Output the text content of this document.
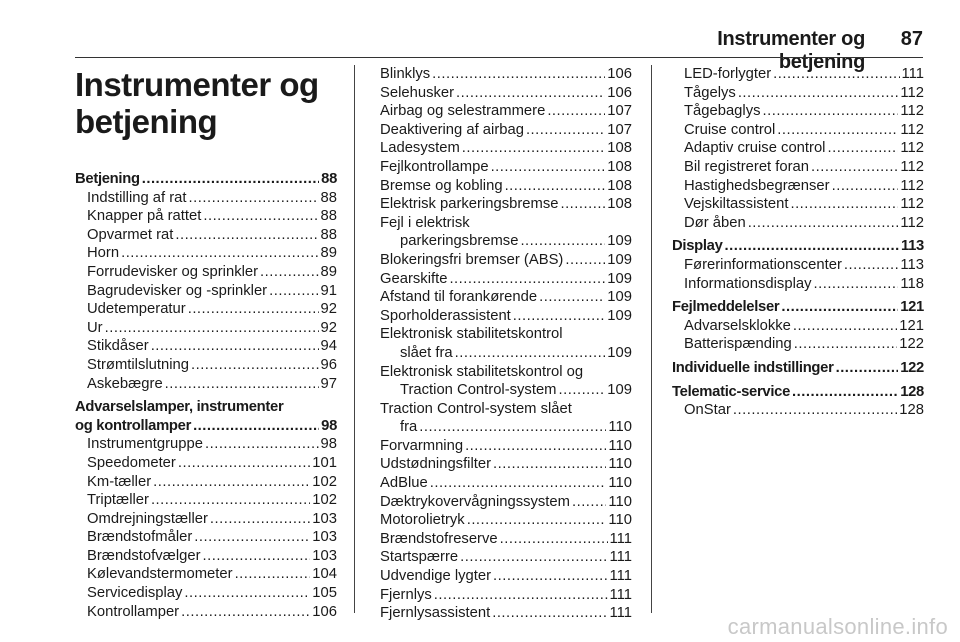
Instrumenter og betjening
87
Instrumenter og betjening
Betjening .....	88
Indstilling af rat .....	88
Knapper på rattet .....	88
Opvarmet rat .....	88
Horn .....	89
Forrudevisker og sprinkler .....	89
Bagrudevisker og -sprinkler .....	91
Udetemperatur .....	92
Ur .....	92
Stikdåser .....	94
Strømtilslutning .....	96
Askebægre .....	97
Advarselslamper, instrumenter
og kontrollamper .....	98
Instrumentgruppe .....	98
Speedometer .....	101
Km-tæller .....	102
Triptæller .....	102
Omdrejningstæller .....	103
Brændstofmåler .....	103
Brændstofvælger .....	103
Kølevandstermometer .....	104
Servicedisplay .....	105
Kontrollamper .....	106
Blinklys .....	106
Selehusker .....	106
Airbag og selestrammere .....	107
Deaktivering af airbag .....	107
Ladesystem .....	108
Fejlkontrollampe .....	108
Bremse og kobling .....	108
Elektrisk parkeringsbremse .....	108
Fejl i elektrisk
parkeringsbremse .....	109
Blokeringsfri bremser (ABS) .....	109
Gearskifte .....	109
Afstand til forankørende .....	109
Sporholderassistent .....	109
Elektronisk stabilitetskontrol
slået fra .....	109
Elektronisk stabilitetskontrol og
Traction Control-system .....	109
Traction Control-system slået
fra .....	110
Forvarmning .....	110
Udstødningsfilter .....	110
AdBlue .....	110
Dæktrykovervågningssystem .....	110
Motorolietryk .....	110
Brændstofreserve .....	111
Startspærre .....	111
Udvendige lygter .....	111
Fjernlys .....	111
Fjernlysassistent .....	111
LED-forlygter .....	111
Tågelys .....	112
Tågebaglys .....	112
Cruise control .....	112
Adaptiv cruise control .....	112
Bil registreret foran .....	112
Hastighedsbegrænser .....	112
Vejskiltassistent .....	112
Dør åben .....	112
Display .....	113
Førerinformationscenter .....	113
Informationsdisplay .....	118
Fejlmeddelelser .....	121
Advarselsklokke .....	121
Batterispænding .....	122
Individuelle indstillinger .....	122
Telematic-service .....	128
OnStar .....	128
carmanualsonline.info
